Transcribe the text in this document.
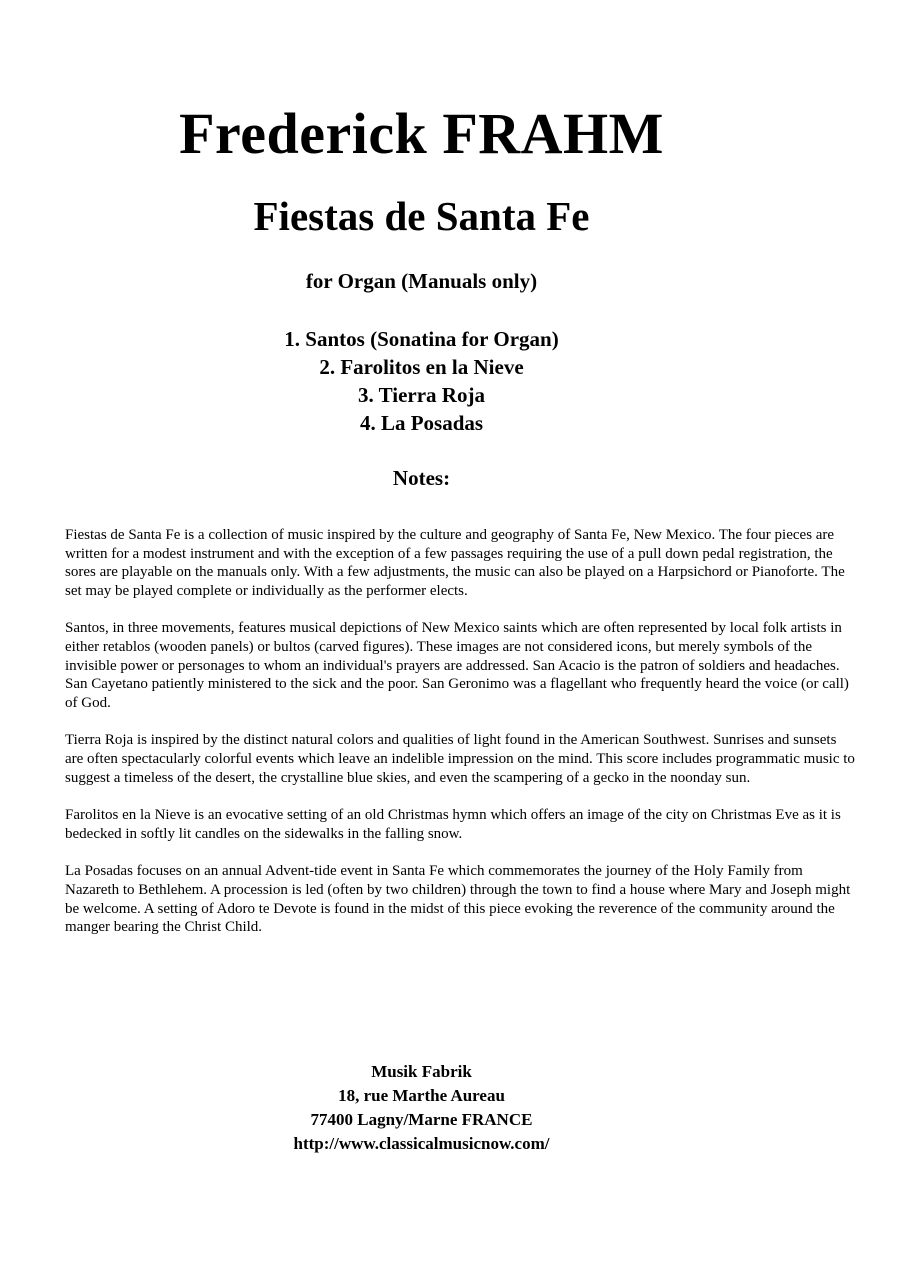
Frederick FRAHM
Fiestas de Santa Fe
for Organ (Manuals only)
1. Santos (Sonatina for Organ)
2. Farolitos en la Nieve
3. Tierra Roja
4. La Posadas
Notes:

Fiestas de Santa Fe is a collection of music inspired by the culture and geography of Santa Fe, New Mexico. The four pieces are written for a modest instrument and with the exception of a few passages requiring the use of a pull down pedal registration, the sores are playable on the manuals only. With a few adjustments, the music can also be played on a Harpsichord or Pianoforte. The set may be played complete or individually as the performer elects.

Santos, in three movements, features musical depictions of New Mexico saints which are often represented by local folk artists in either retablos (wooden panels) or bultos (carved figures). These images are not considered icons, but merely symbols of the invisible power or personages to whom an individual's prayers are addressed. San Acacio is the patron of soldiers and headaches. San Cayetano patiently ministered to the sick and the poor. San Geronimo was a flagellant who frequently heard the voice (or call) of God.

Tierra Roja is inspired by the distinct natural colors and qualities of light found in the American Southwest. Sunrises and sunsets are often spectacularly colorful events which leave an indelible impression on the mind. This score includes programmatic music to suggest a timeless of the desert, the crystalline blue skies, and even the scampering of a gecko in the noonday sun.

Farolitos en la Nieve is an evocative setting of an old Christmas hymn which offers an image of the city on Christmas Eve as it is bedecked in softly lit candles on the sidewalks in the falling snow.

La Posadas focuses on an annual Advent-tide event in Santa Fe which commemorates the journey of the Holy Family from Nazareth to Bethlehem. A procession is led (often by two children) through the town to find a house where Mary and Joseph might be welcome. A setting of Adoro te Devote is found in the midst of this piece evoking the reverence of the community around the manger bearing the Christ Child.

Musik Fabrik
18, rue Marthe Aureau
77400 Lagny/Marne FRANCE
http://www.classicalmusicnow.com/
